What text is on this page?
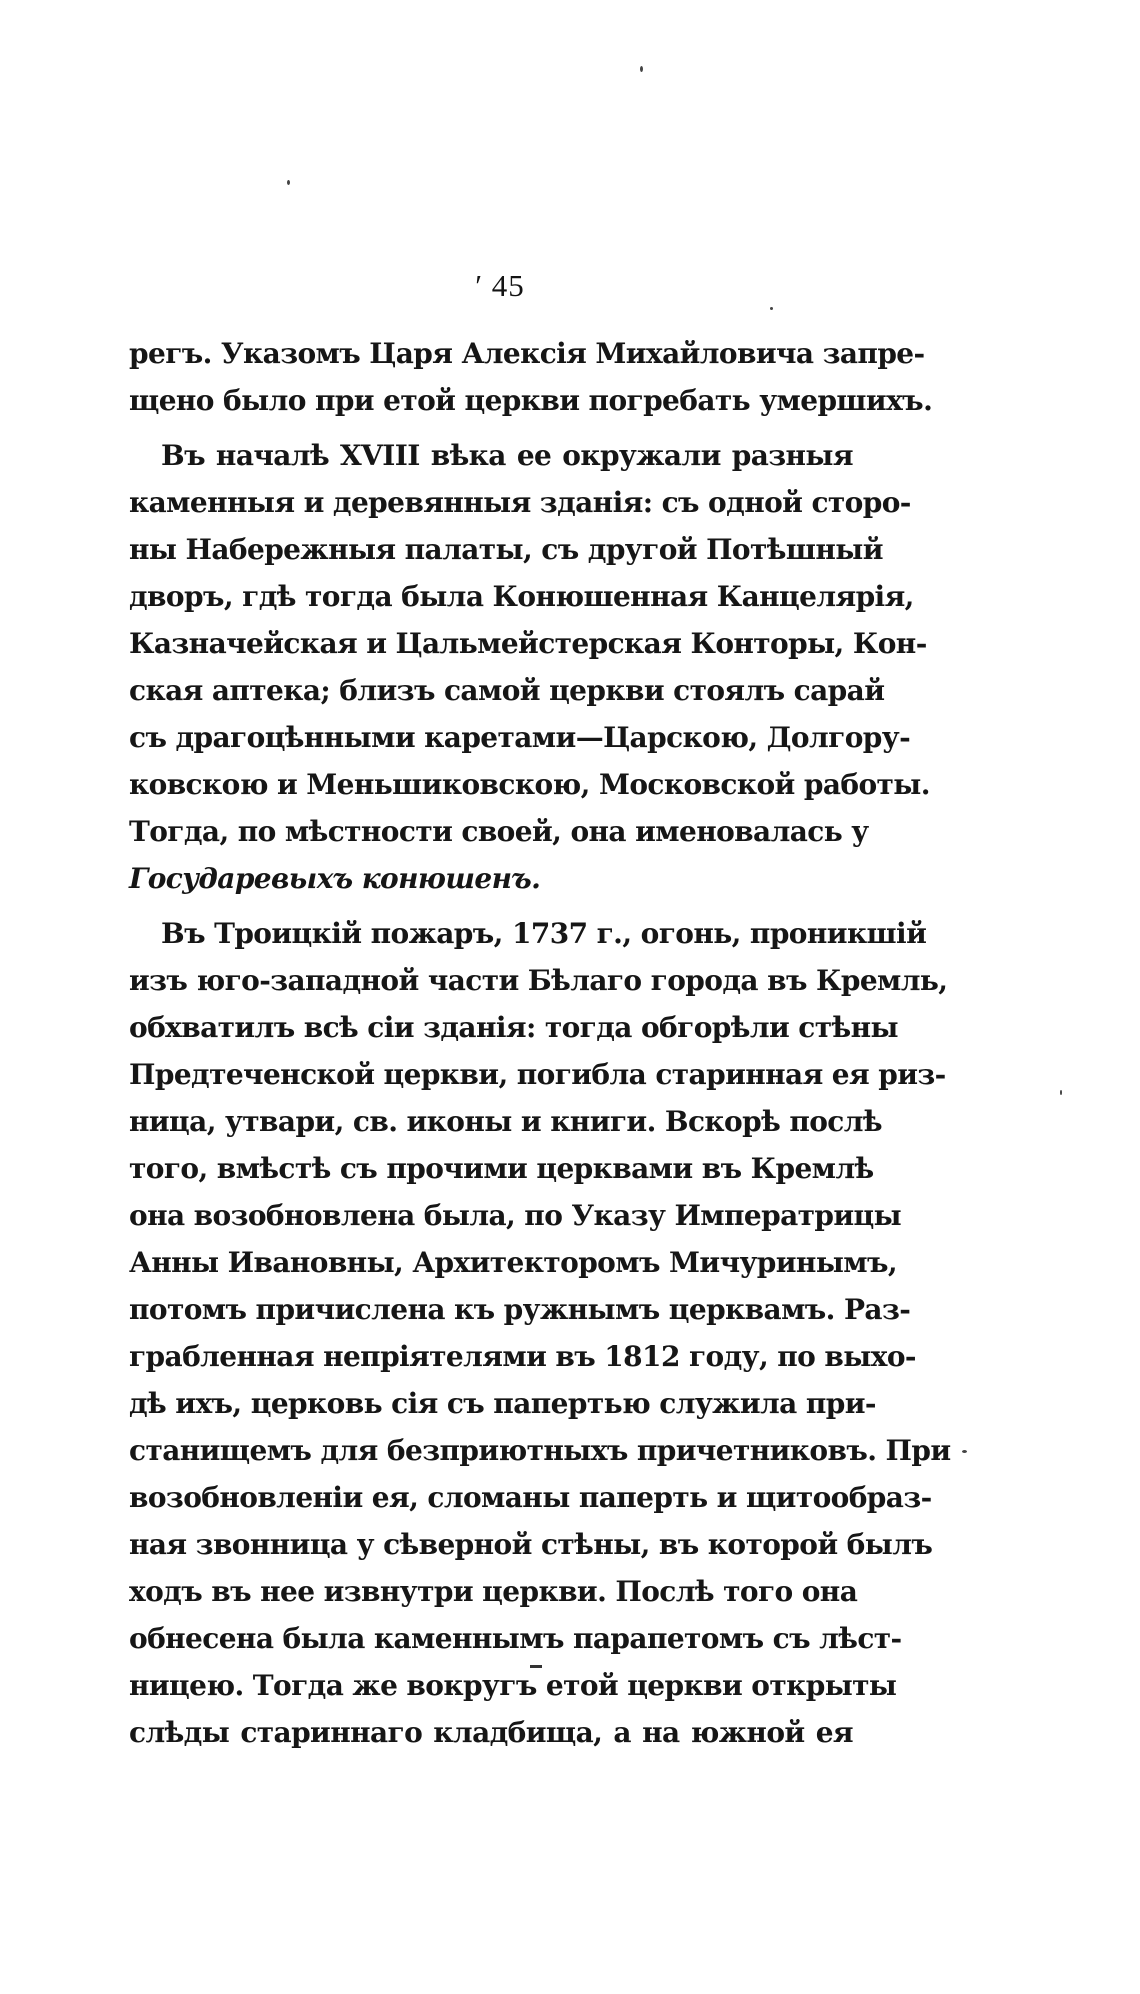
′ 45
регъ. Указомъ Царя Алексія Михайловича запре-
щено было при етой церкви погребать умершихъ.
Въ началѣ XVIII вѣка ее окружали разныя
каменныя и деревянныя зданія: съ одной сторо-
ны Набережныя палаты, съ другой Потѣшный
дворъ, гдѣ тогда была Конюшенная Канцелярія,
Казначейская и Цальмейстерская Конторы, Кон-
ская аптека; близъ самой церкви стоялъ сарай
съ драгоцѣнными каретами—Царскою, Долгору-
ковскою и Меньшиковскою, Московской работы.
Тогда, по мѣстности своей, она именовалась у
Государевыхъ конюшенъ.
Въ Троицкій пожаръ, 1737 г., огонь, проникшій
изъ юго-западной части Бѣлаго города въ Кремль,
обхватилъ всѣ сіи зданія: тогда обгорѣли стѣны
Предтеченской церкви, погибла старинная ея риз-
ница, утвари, св. иконы и книги. Вскорѣ послѣ
того, вмѣстѣ съ прочими церквами въ Кремлѣ
она возобновлена была, по Указу Императрицы
Анны Ивановны, Архитекторомъ Мичуринымъ,
потомъ причислена къ ружнымъ церквамъ. Раз-
грабленная непріятелями въ 1812 году, по выхо-
дѣ ихъ, церковь сія съ папертью служила при-
станищемъ для безприютныхъ причетниковъ. При
возобновленіи ея, сломаны паперть и щитообраз-
ная звонница у сѣверной стѣны, въ которой былъ
ходъ въ нее извнутри церкви. Послѣ того она
обнесена была каменнымъ парапетомъ съ лѣст-
ницею. Тогда же вокругъ етой церкви открыты
слѣды стариннаго кладбища, а на южной ея
